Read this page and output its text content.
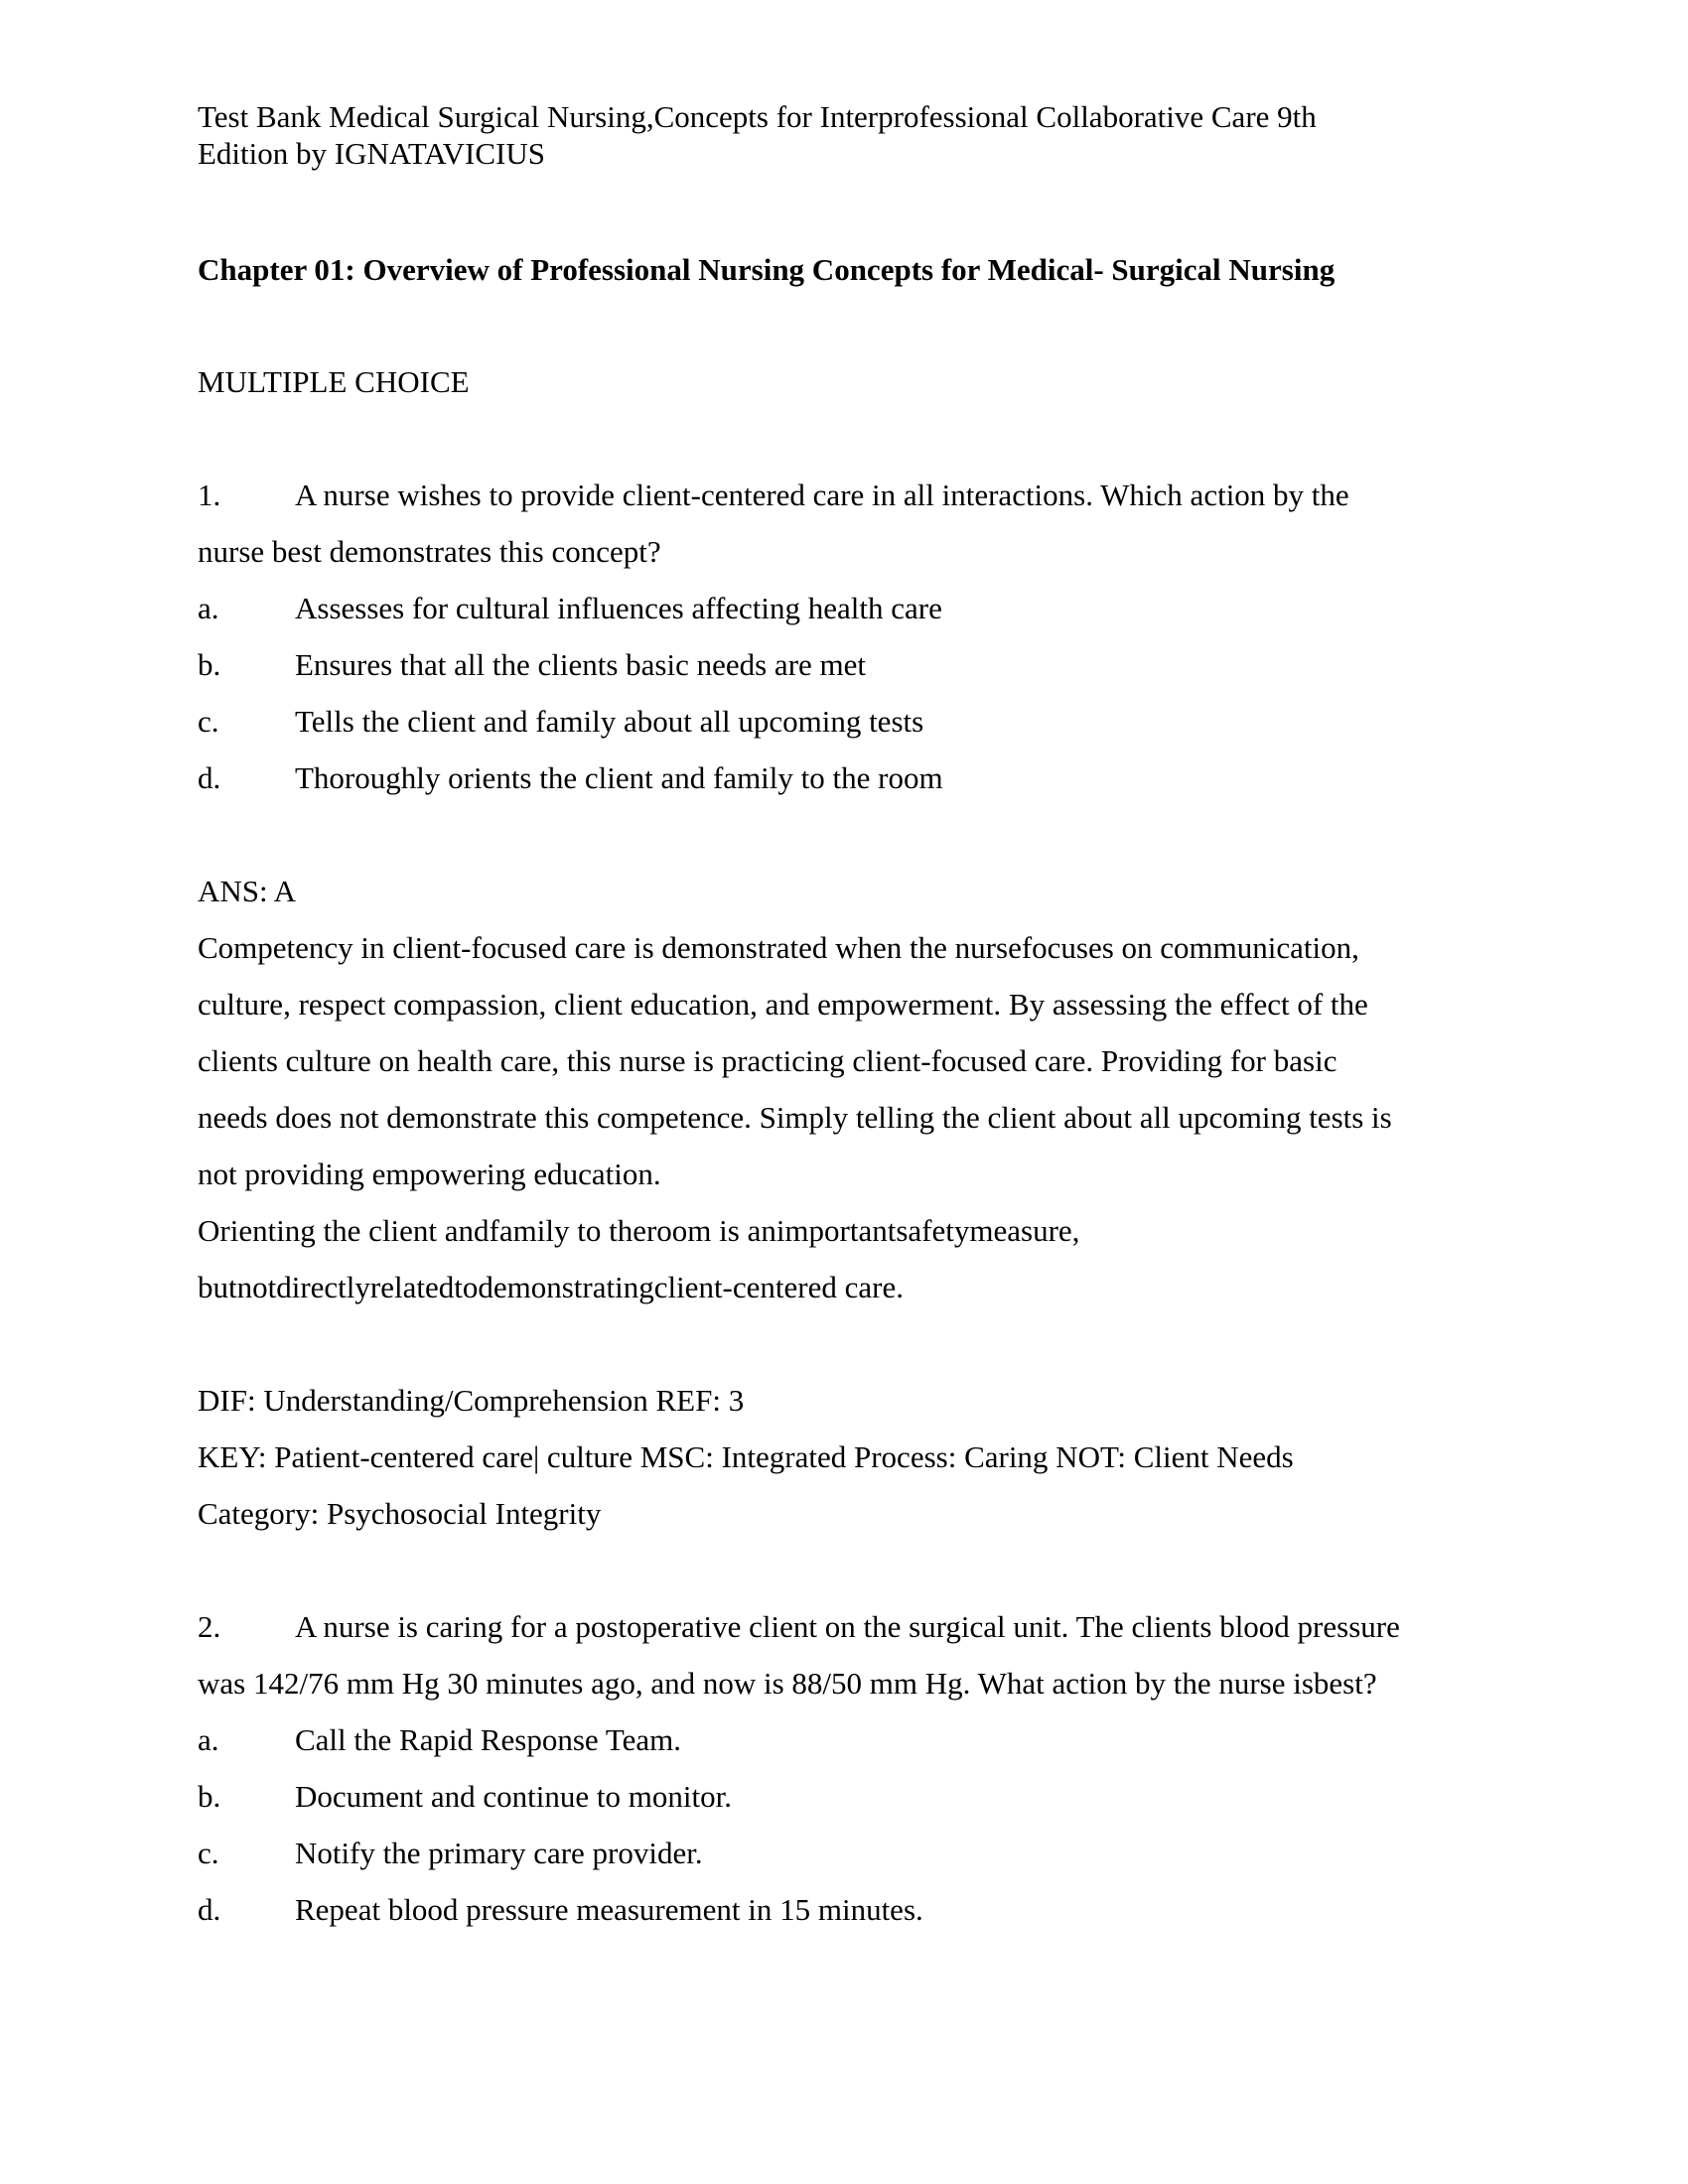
Test Bank Medical Surgical Nursing,Concepts for Interprofessional Collaborative Care 9th
Edition by IGNATAVICIUS
Chapter 01: Overview of Professional Nursing Concepts for Medical- Surgical Nursing
MULTIPLE CHOICE
1. A nurse wishes to provide client-centered care in all interactions. Which action by the
nurse best demonstrates this concept?
a. Assesses for cultural influences affecting health care
b. Ensures that all the clients basic needs are met
c. Tells the client and family about all upcoming tests
d. Thoroughly orients the client and family to the room
ANS: A
Competency in client-focused care is demonstrated when the nursefocuses on communication,
culture, respect compassion, client education, and empowerment. By assessing the effect of the
clients culture on health care, this nurse is practicing client-focused care. Providing for basic
needs does not demonstrate this competence. Simply telling the client about all upcoming tests is
not providing empowering education.
Orienting the client andfamily to theroom is animportantsafetymeasure,
butnotdirectlyrelatedtodemonstratingclient-centered care.
DIF: Understanding/Comprehension REF: 3
KEY: Patient-centered care| culture MSC: Integrated Process: Caring NOT: Client Needs
Category: Psychosocial Integrity
2. A nurse is caring for a postoperative client on the surgical unit. The clients blood pressure
was 142/76 mm Hg 30 minutes ago, and now is 88/50 mm Hg. What action by the nurse isbest?
a. Call the Rapid Response Team.
b. Document and continue to monitor.
c. Notify the primary care provider.
d. Repeat blood pressure measurement in 15 minutes.
